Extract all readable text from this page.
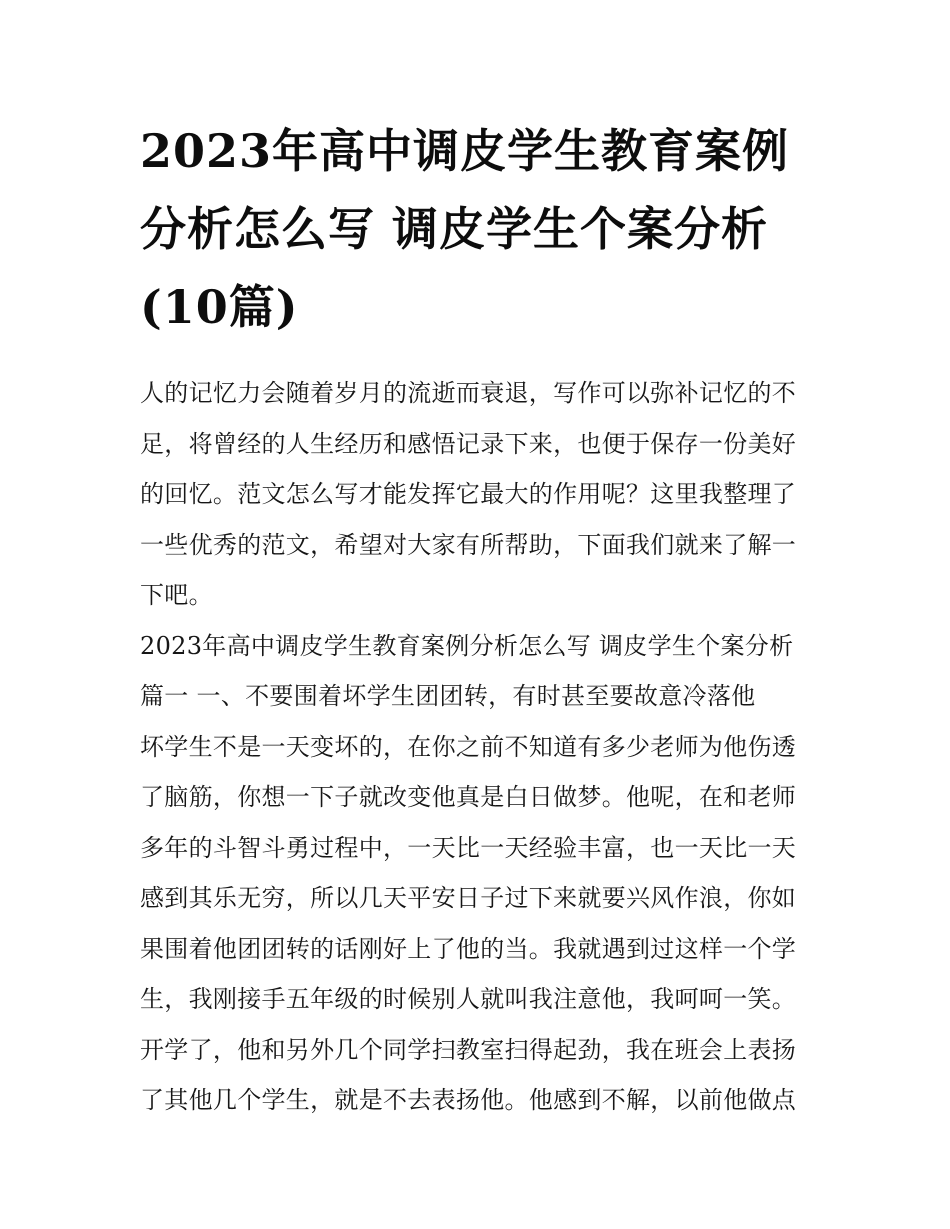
2023年高中调皮学生教育案例
分析怎么写 调皮学生个案分析
(10篇)

人的记忆力会随着岁月的流逝而衰退，写作可以弥补记忆的不
足，将曾经的人生经历和感悟记录下来，也便于保存一份美好
的回忆。范文怎么写才能发挥它最大的作用呢？这里我整理了
一些优秀的范文，希望对大家有所帮助，下面我们就来了解一
下吧。

2023年高中调皮学生教育案例分析怎么写 调皮学生个案分析
篇一 一、不要围着坏学生团团转，有时甚至要故意冷落他

坏学生不是一天变坏的，在你之前不知道有多少老师为他伤透
了脑筋，你想一下子就改变他真是白日做梦。他呢，在和老师
多年的斗智斗勇过程中，一天比一天经验丰富，也一天比一天
感到其乐无穷，所以几天平安日子过下来就要兴风作浪，你如
果围着他团团转的话刚好上了他的当。我就遇到过这样一个学
生，我刚接手五年级的时候别人就叫我注意他，我呵呵一笑。
开学了，他和另外几个同学扫教室扫得起劲，我在班会上表扬
了其他几个学生，就是不去表扬他。他感到不解，以前他做点
